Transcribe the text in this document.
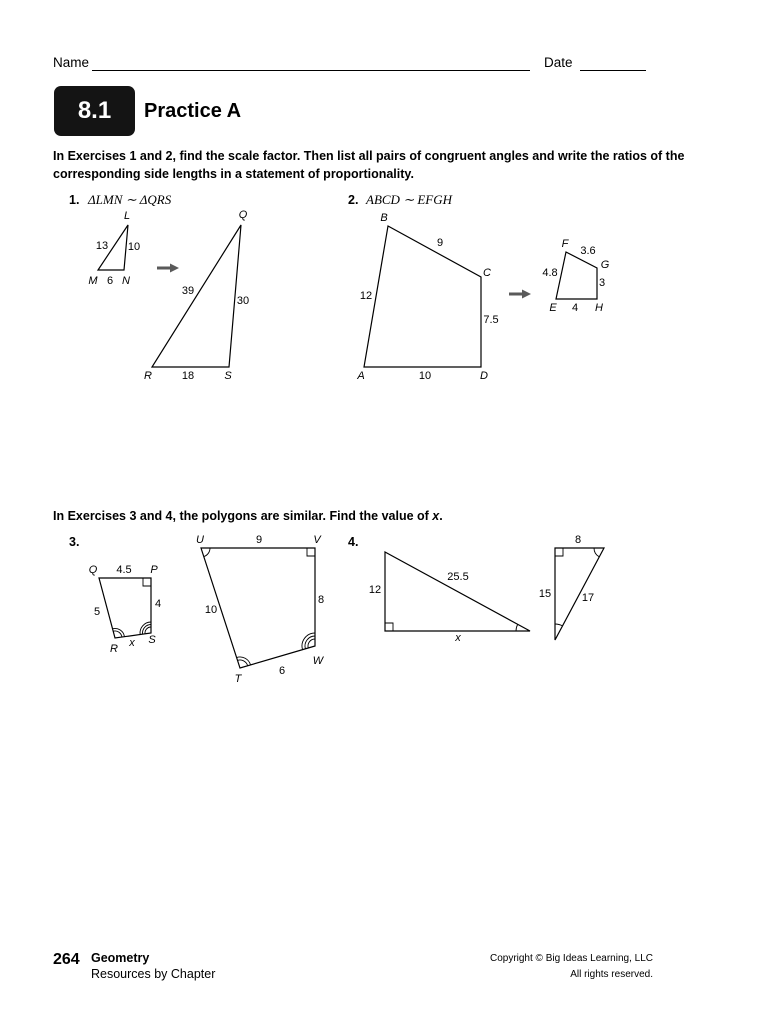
Name	Date
8.1	Practice A
In Exercises 1 and 2, find the scale factor. Then list all pairs of congruent angles and write the ratios of the
corresponding side lengths in a statement of proportionality.
1. ΔLMN ∼ ΔQRS	2. ABCD ∼ EFGH
In Exercises 3 and 4, the polygons are similar. Find the value of x.
3.	4.
L
13 10
M 6 N
Q
39
30
R	18	S
B
9
C
12
7.5
A	10	D
F
3.6
G
4.8
3
E 4 H
Q 4.5 P
5
4
R x S
U	9	V
10
8
W
6
T
12
25.5
x
8
15	17
264 Geometry
Resources by Chapter
Copyright © Big Ideas Learning, LLC
All rights reserved.
